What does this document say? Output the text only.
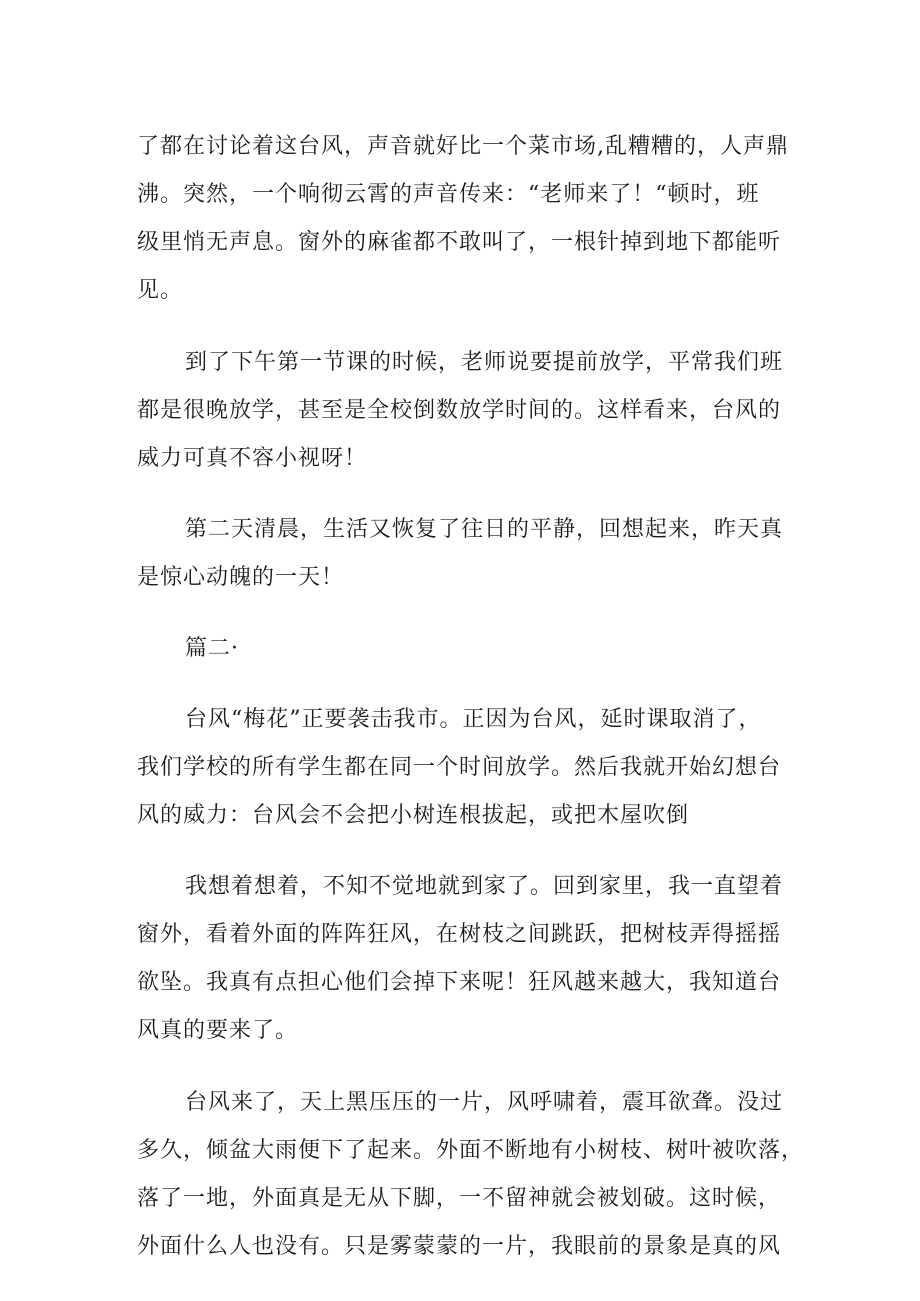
了都在讨论着这台风，声音就好比一个菜市场,乱糟糟的，人声鼎

沸。突然，一个响彻云霄的声音传来：“老师来了！“顿时，班

级里悄无声息。窗外的麻雀都不敢叫了，一根针掉到地下都能听

见。

到了下午第一节课的时候，老师说要提前放学，平常我们班

都是很晚放学，甚至是全校倒数放学时间的。这样看来，台风的

威力可真不容小视呀！

第二天清晨，生活又恢复了往日的平静，回想起来，昨天真

是惊心动魄的一天！

篇二·

台风“梅花”正要袭击我市。正因为台风，延时课取消了，

我们学校的所有学生都在同一个时间放学。然后我就开始幻想台

风的威力：台风会不会把小树连根拔起，或把木屋吹倒

我想着想着，不知不觉地就到家了。回到家里，我一直望着

窗外，看着外面的阵阵狂风，在树枝之间跳跃，把树枝弄得摇摇

欲坠。我真有点担心他们会掉下来呢！狂风越来越大，我知道台

风真的要来了。

台风来了，天上黑压压的一片，风呼啸着，震耳欲聋。没过

多久，倾盆大雨便下了起来。外面不断地有小树枝、树叶被吹落，

落了一地，外面真是无从下脚，一不留神就会被划破。这时候，

外面什么人也没有。只是雾蒙蒙的一片，我眼前的景象是真的风
